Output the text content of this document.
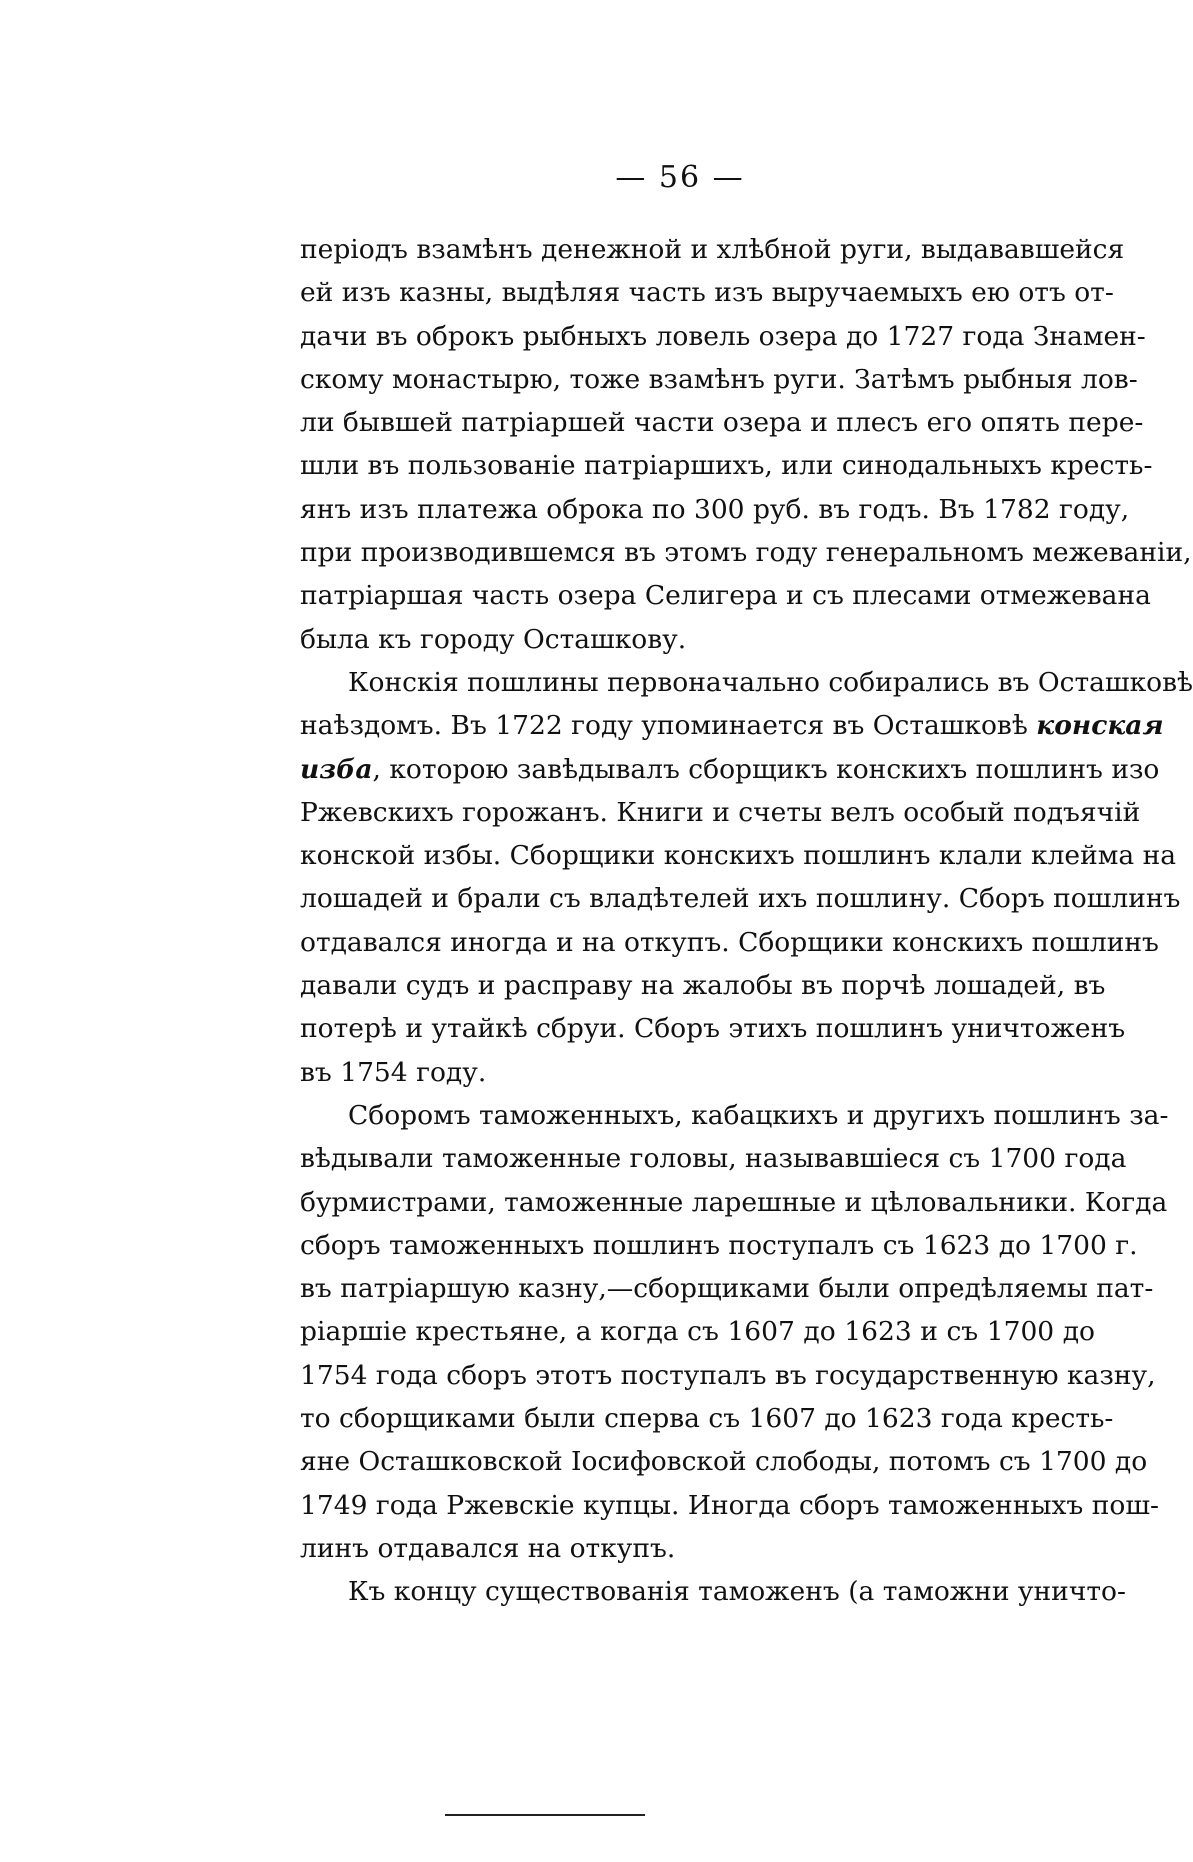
— 56 —

періодъ взамѣнъ денежной и хлѣбной руги, выдававшейся
ей изъ казны, выдѣляя часть изъ выручаемыхъ ею отъ от-
дачи въ оброкъ рыбныхъ ловель озера до 1727 года Знамен-
скому монастырю, тоже взамѣнъ руги. Затѣмъ рыбныя лов-
ли бывшей патріаршей части озера и плесъ его опять пере-
шли въ пользованіе патріаршихъ, или синодальныхъ кресть-
янъ изъ платежа оброка по 300 руб. въ годъ. Въ 1782 году,
при производившемся въ этомъ году генеральномъ межеваніи,
патріаршая часть озера Селигера и съ плесами отмежевана
была къ городу Осташкову.

Конскія пошлины первоначально собирались въ Осташковѣ
наѣздомъ. Въ 1722 году упоминается въ Осташковѣ конская
изба, которою завѣдывалъ сборщикъ конскихъ пошлинъ изо
Ржевскихъ горожанъ. Книги и счеты велъ особый подъячій
конской избы. Сборщики конскихъ пошлинъ клали клейма на
лошадей и брали съ владѣтелей ихъ пошлину. Сборъ пошлинъ
отдавался иногда и на откупъ. Сборщики конскихъ пошлинъ
давали судъ и расправу на жалобы въ порчѣ лошадей, въ
потерѣ и утайкѣ сбруи. Сборъ этихъ пошлинъ уничтоженъ
въ 1754 году.

Сборомъ таможенныхъ, кабацкихъ и другихъ пошлинъ за-
вѣдывали таможенные головы, называвшіеся съ 1700 года
бурмистрами, таможенные ларешные и цѣловальники. Когда
сборъ таможенныхъ пошлинъ поступалъ съ 1623 до 1700 г.
въ патріаршую казну,—сборщиками были опредѣляемы пат-
ріаршіе крестьяне, а когда съ 1607 до 1623 и съ 1700 до
1754 года сборъ этотъ поступалъ въ государственную казну,
то сборщиками были сперва съ 1607 до 1623 года кресть-
яне Осташковской Іосифовской слободы, потомъ съ 1700 до
1749 года Ржевскіе купцы. Иногда сборъ таможенныхъ пош-
линъ отдавался на откупъ.

Къ концу существованія таможенъ (а таможни уничто-
